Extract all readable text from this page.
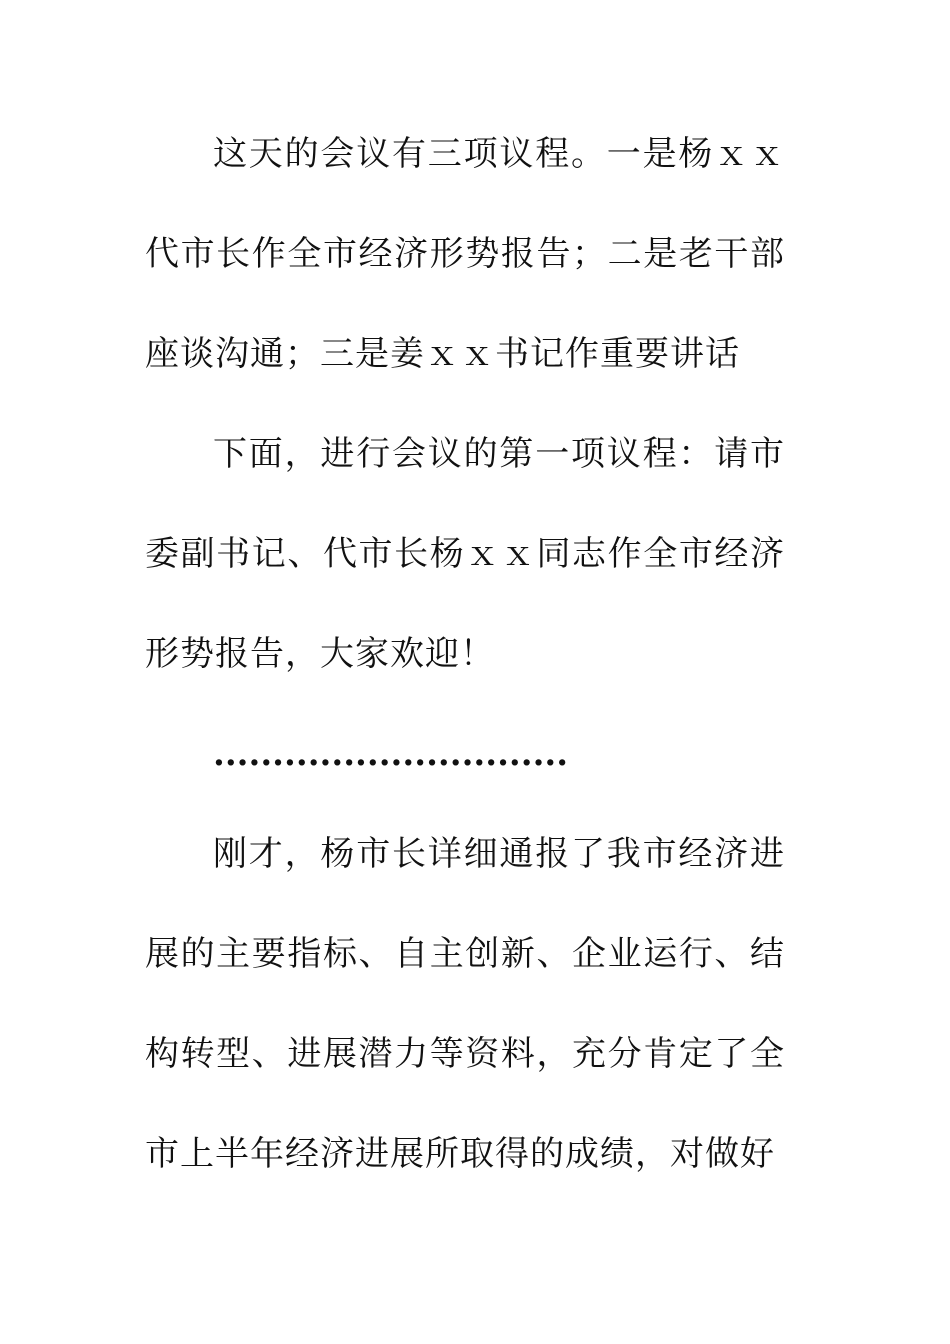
这天的会议有三项议程。一是杨ｘｘ代市长作全市经济形势报告；二是老干部座谈沟通；三是姜ｘｘ书记作重要讲话

下面，进行会议的第一项议程：请市委副书记、代市长杨ｘｘ同志作全市经济形势报告，大家欢迎！

..............................

刚才，杨市长详细通报了我市经济进展的主要指标、自主创新、企业运行、结构转型、进展潜力等资料，充分肯定了全市上半年经济进展所取得的成绩，对做好
